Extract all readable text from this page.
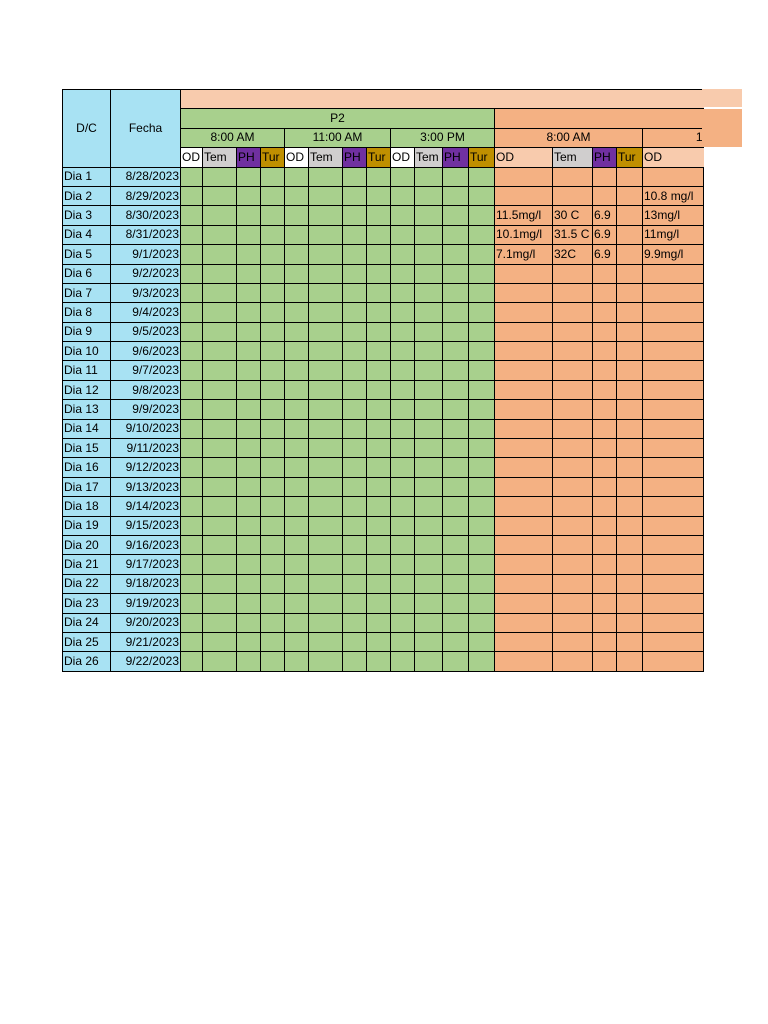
D/C	Fecha																	
		P2																
		8:00 AM				11:00 AM				3:00 PM				8:00 AM				1
		OD	Tem	PH	Tur	OD	Tem	PH	Tur	OD	Tem	PH	Tur	OD	Tem	PH	Tur	OD
Dia 1	8/28/2023																	
Dia 2	8/29/2023																	10.8 mg/l
Dia 3	8/30/2023													11.5mg/l	30 C	6.9		13mg/l
Dia 4	8/31/2023													10.1mg/l	31.5 C	6.9		11mg/l
Dia 5	9/1/2023													7.1mg/l	32C	6.9		9.9mg/l
Dia 6	9/2/2023																	
Dia 7	9/3/2023																	
Dia 8	9/4/2023																	
Dia 9	9/5/2023																	
Dia 10	9/6/2023																	
Dia 11	9/7/2023																	
Dia 12	9/8/2023																	
Dia 13	9/9/2023																	
Dia 14	9/10/2023																	
Dia 15	9/11/2023																	
Dia 16	9/12/2023																	
Dia 17	9/13/2023																	
Dia 18	9/14/2023																	
Dia 19	9/15/2023																	
Dia 20	9/16/2023																	
Dia 21	9/17/2023																	
Dia 22	9/18/2023																	
Dia 23	9/19/2023																	
Dia 24	9/20/2023																	
Dia 25	9/21/2023																	
Dia 26	9/22/2023																	
